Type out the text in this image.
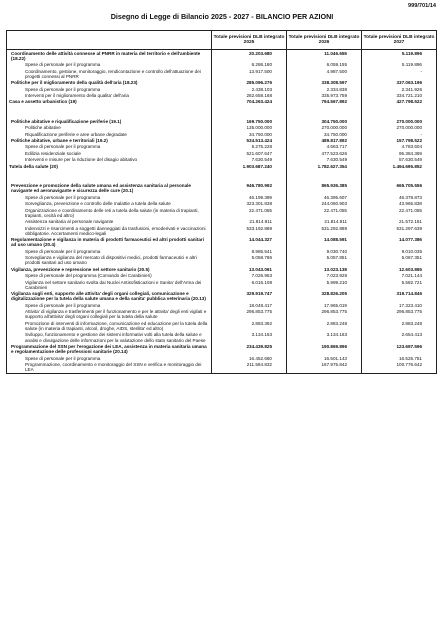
999/701/14
Disegno di Legge di Bilancio 2025 - 2027 - BILANCIO PER AZIONI
	Totale previsioni DLB integrato 2025	Totale previsioni DLB integrato 2026	Totale previsioni DLB integrato 2027
Coordinamento delle attività connesse al PNRR in materia del territorio e dell'ambiente (18.22)	20.203.680	11.046.655	5.119.896
Spese di personale per il programma	6.286.180	6.059.155	5.119.896
Coordinamento, gestione, monitoraggio, rendicontazione e controllo dell'attuazione dei progetti connessi al PNRR	13.917.500	4.987.500	-
Politiche per il miglioramento della qualità dell'aria (18.23)	285.096.276	338.308.597	337.063.196
Spese di personale per il programma	2.438.103	2.334.838	2.341.926
Interventi per il miglioramento della qualita' dell'aria	282.658.168	335.973.759	334.721.210
Casa e assetto urbanistico (19)	704.263.424	794.567.892	427.798.522

Politiche abitative e riqualificazione periferie (19.1)	169.750.000	304.750.000	270.000.000
Politiche abitative	135.000.000	270.000.000	270.000.000
Riqualificazione periferie e aree urbane degradate	34.750.000	34.750.000	-
Politiche abitative, urbane e territoriali (19.2)	534.513.424	489.817.892	157.798.522
Spese di personale per il programma	5.275.228	4.663.717	4.783.604
Edilizia residenziale sociale	521.607.647	477.523.626	95.384.369
Interventi e misure per la riduzione del disagio abitativo	7.630.549	7.630.549	57.630.549
Tutela della salute (20)	1.903.687.240	1.782.627.354	1.494.695.852

Prevenzione e promozione della salute umana ed assistenza sanitaria al personale navigante ed aeronavigante e sicurezza delle cure (20.1)	946.780.992	865.936.385	665.705.556
Spese di personale per il programma	46.199.399	46.395.607	46.378.873
Sorveglianza, prevenzione e controllo delle malattie a tutela della salute	323.301.838	244.060.903	43.965.838
Organizzazione e coordinamento delle reti a tutela della salute (in materia di trapianti, trapianti, cecità ed altro)	22.471.055	22.471.055	22.471.055
Assistenza sanitaria al personale navigante	21.814.911	21.814.911	21.572.161
Indennizzi e risarcimenti a soggetti danneggiati da trasfusioni, emoderivati e vaccinazioni obbligatorie. Accertamenti medico-legali	533.192.889	531.292.889	531.297.639
Regolamentazione e vigilanza in materia di prodotti farmaceutici ed altri prodotti sanitari ad uso umano (20.4)	14.044.327	14.088.591	14.077.386
Spese di personale per il programma	8.985.541	9.030.740	9.010.035
Sorveglianza e vigilanza del mercato di dispositivi medici, prodotti farmaceutici e altri prodotti sanitari ad uso umano	5.058.786	5.057.851	5.067.351
Vigilanza, prevenzione e repressione nel settore sanitario (20.5)	13.043.061	13.023.138	12.603.865
Spese di personale del programma (Comando dei Carabinieri)	7.026.953	7.023.928	7.021.144
Vigilanza nel settore sanitario svolta dai Nuclei Antisofisticazioni e Sanita' dell'Arma dei Carabinieri	6.016.108	5.999.210	5.582.721
Vigilanza sugli enti, supporto alle attivita' degli organi collegiali, comunicazione e digitalizzazione per la tutela della salute umana e della sanita' pubblica veterinaria (20.13)	329.919.747	328.826.205	319.714.846
Spese di personale per il programma	18.048.417	17.965.019	17.323.410
Attivita' di vigilanza e trasferimenti per il funzionamento e per le attivita' degli enti vigilati e supporto all'attivita' degli organi collegiali per la tutela della salute	296.853.775	296.853.775	296.853.775
Promozione di interventi di informazione, comunicazione ed educazione per la tutela della salute (in materia di trapianti, alcool, droghe, AIDS, sterilita' ed altro)	2.883.392	2.883.248	2.883.248
Sviluppo, funzionamento e gestione dei sistemi informativi volti alla tutela della salute e analisi e divulgazione delle informazioni per la valutazione dello stato sanitario del Paese	3.134.163	3.134.163	2.654.413
Programmazione del SSN per l'erogazione dei LEA, assistenza in materia sanitaria umana e regolamentazione delle professioni sanitarie (20.14)	234.439.825	190.869.896	123.697.596
Spese di personale per il programma	16.452.660	16.501.143	16.525.751
Programmazione, coordinamento e monitoraggio del SSN e verifica e monitoraggio dei LEA	211.594.832	167.975.842	100.776.642
